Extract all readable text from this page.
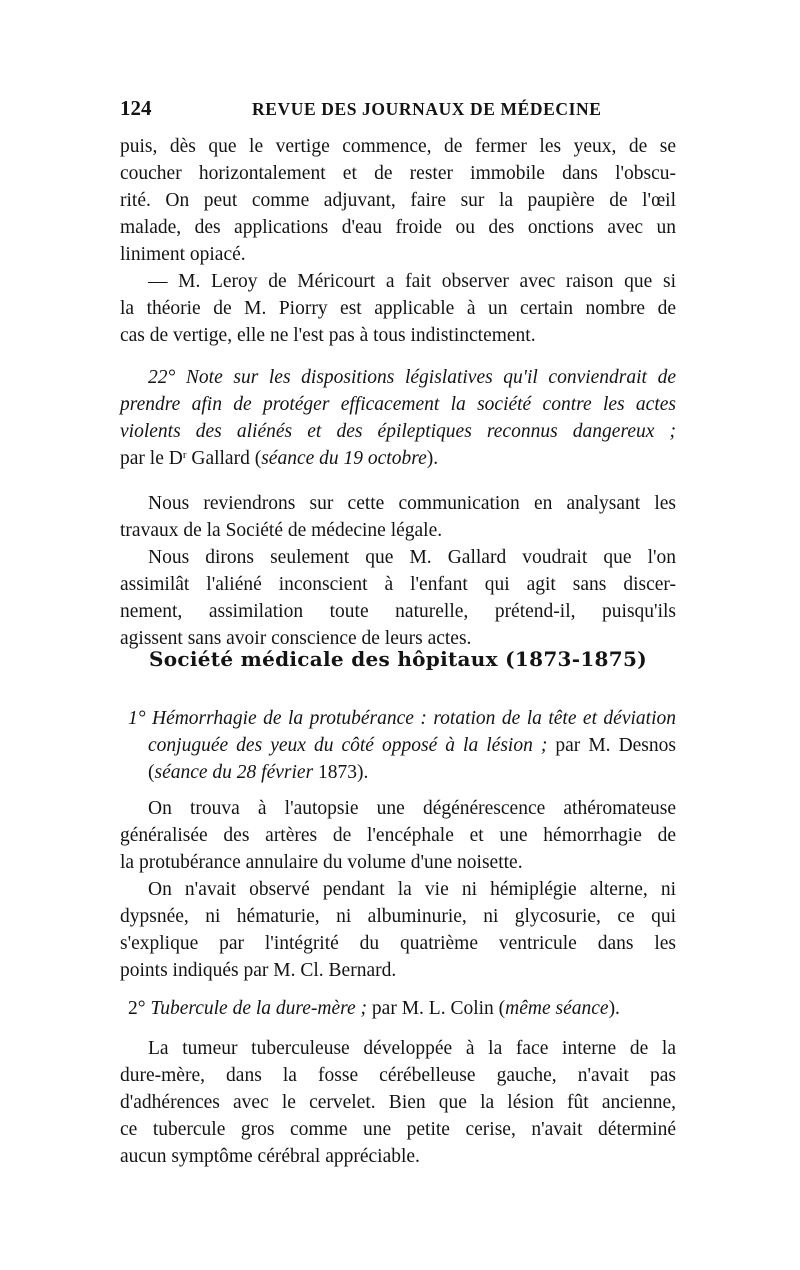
124	REVUE DES JOURNAUX DE MÉDECINE
puis, dès que le vertige commence, de fermer les yeux, de se
coucher horizontalement et de rester immobile dans l'obscu-
rité. On peut comme adjuvant, faire sur la paupière de l'œil
malade, des applications d'eau froide ou des onctions avec un
liniment opiacé.
— M. Leroy de Méricourt a fait observer avec raison que si
la théorie de M. Piorry est applicable à un certain nombre de
cas de vertige, elle ne l'est pas à tous indistinctement.
22° Note sur les dispositions législatives qu'il conviendrait de
prendre afin de protéger efficacement la société contre les actes
violents des aliénés et des épileptiques reconnus dangereux ;
par le $D^r$ Gallard (séance du 19 octobre).
Nous reviendrons sur cette communication en analysant les
travaux de la Société de médecine légale.
Nous dirons seulement que M. Gallard voudrait que l'on
assimilât l'aliéné inconscient à l'enfant qui agit sans discer-
nement, assimilation toute naturelle, prétend-il, puisqu'ils
agissent sans avoir conscience de leurs actes.
Société médicale des hôpitaux (1873-1875)
1° Hémorrhagie de la protubérance : rotation de la tête et déviation
conjuguée des yeux du côté opposé à la lésion ; par M. Desnos
(séance du 28 février 1873).
On trouva à l'autopsie une dégénérescence athéromateuse
généralisée des artères de l'encéphale et une hémorrhagie de
la protubérance annulaire du volume d'une noisette.
On n'avait observé pendant la vie ni hémiplégie alterne, ni
dypsnée, ni hématurie, ni albuminurie, ni glycosurie, ce qui
s'explique par l'intégrité du quatrième ventricule dans les
points indiqués par M. Cl. Bernard.
2° Tubercule de la dure-mère ; par M. L. Colin (même séance).
La tumeur tuberculeuse développée à la face interne de la
dure-mère, dans la fosse cérébelleuse gauche, n'avait pas
d'adhérences avec le cervelet. Bien que la lésion fût ancienne,
ce tubercule gros comme une petite cerise, n'avait déterminé
aucun symptôme cérébral appréciable.
